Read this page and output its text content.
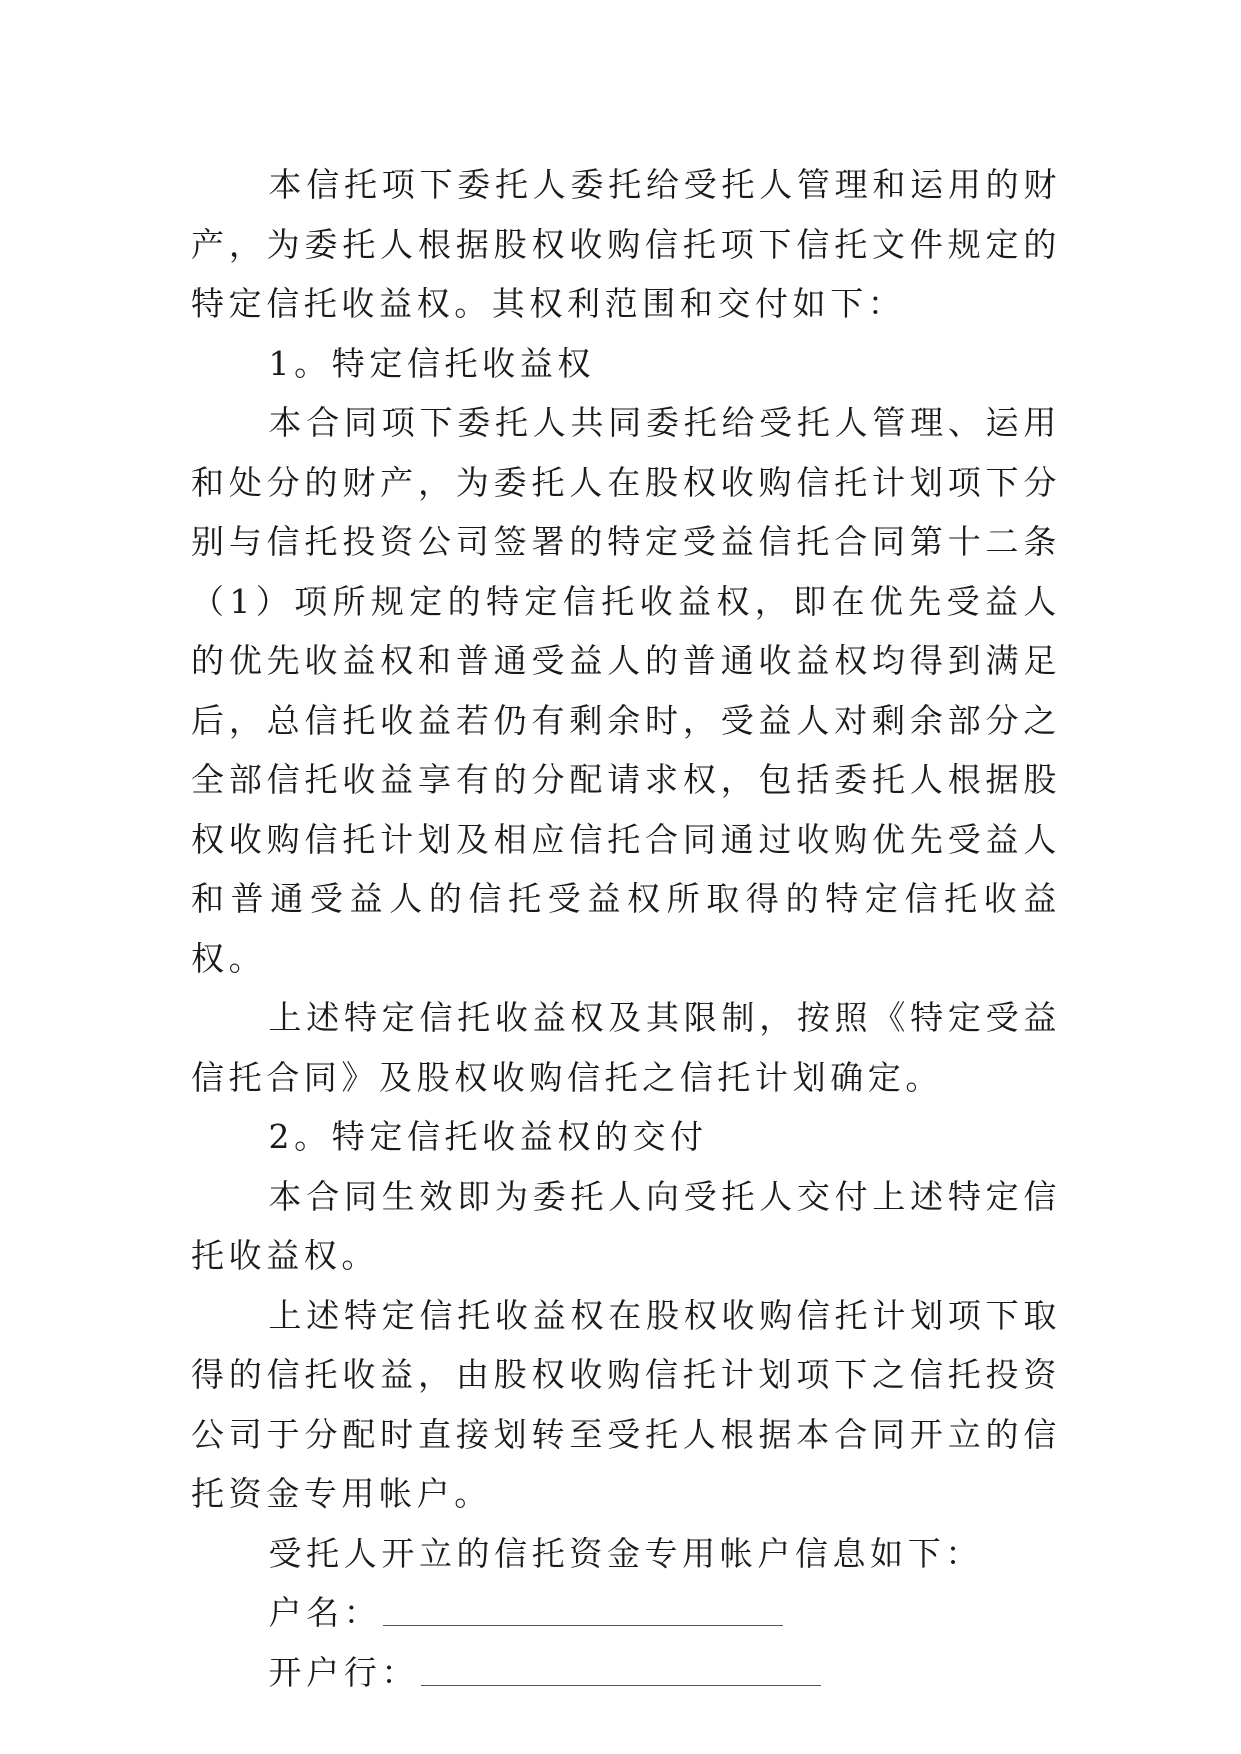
本信托项下委托人委托给受托人管理和运用的财产，为委托人根据股权收购信托项下信托文件规定的特定信托收益权。其权利范围和交付如下：

1。特定信托收益权

本合同项下委托人共同委托给受托人管理、运用和处分的财产，为委托人在股权收购信托计划项下分别与信托投资公司签署的特定受益信托合同第十二条（1）项所规定的特定信托收益权，即在优先受益人的优先收益权和普通受益人的普通收益权均得到满足后，总信托收益若仍有剩余时，受益人对剩余部分之全部信托收益享有的分配请求权，包括委托人根据股权收购信托计划及相应信托合同通过收购优先受益人和普通受益人的信托受益权所取得的特定信托收益权。

上述特定信托收益权及其限制，按照《特定受益信托合同》及股权收购信托之信托计划确定。

2。特定信托收益权的交付

本合同生效即为委托人向受托人交付上述特定信托收益权。

上述特定信托收益权在股权收购信托计划项下取得的信托收益，由股权收购信托计划项下之信托投资公司于分配时直接划转至受托人根据本合同开立的信托资金专用帐户。

受托人开立的信托资金专用帐户信息如下：

户名：

开户行：
